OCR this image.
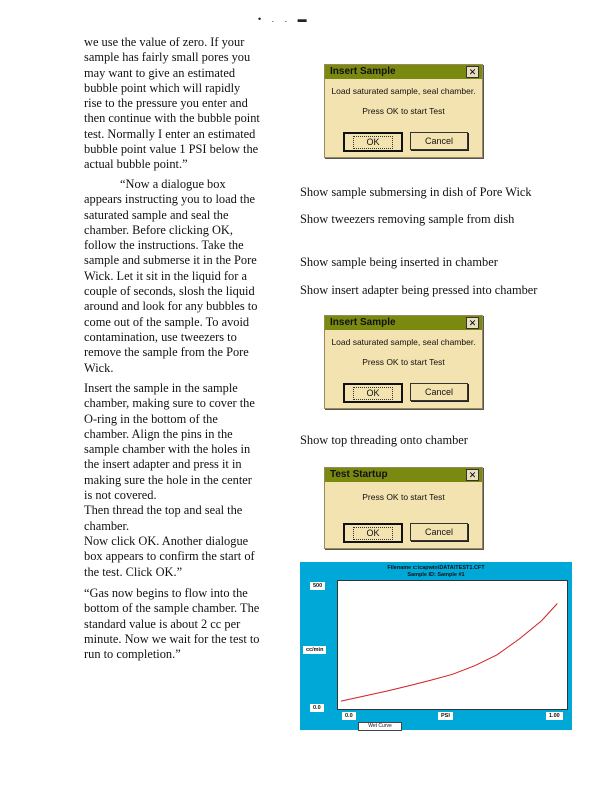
• . . ▬

we use the value of zero. If your sample has fairly small pores you may want to give an estimated bubble point which will rapidly rise to the pressure you enter and then continue with the bubble point test. Normally I enter an estimated bubble point value 1 PSI below the actual bubble point.”

“Now a dialogue box appears instructing you to load the saturated sample and seal the chamber. Before clicking OK, follow the instructions. Take the sample and submerse it in the Pore Wick. Let it sit in the liquid for a couple of seconds, slosh the liquid around and look for any bubbles to come out of the sample. To avoid contamination, use tweezers to remove the sample from the Pore Wick.

Insert the sample in the sample chamber, making sure to cover the O-ring in the bottom of the chamber. Align the pins in the sample chamber with the holes in the insert adapter and press it in making sure the hole in the center is not covered.

Then thread the top and seal the chamber.

Now click OK. Another dialogue box appears to confirm the start of the test. Click OK.”

“Gas now begins to flow into the bottom of the sample chamber. The standard value is about 2 cc per minute. Now we wait for the test to run to completion.”

Show sample submersing in dish of Pore Wick
Show tweezers removing sample from dish
Show sample being inserted in chamber
Show insert adapter being pressed into chamber
Show top threading onto chamber
Insert Sample	✕
Load saturated sample, seal chamber.
Press OK to start Test
OK	Cancel
Insert Sample	✕
Load saturated sample, seal chamber.
Press OK to start Test
OK	Cancel
Test Startup	✕
Press OK to start Test
OK	Cancel
Filename c:\capwin\DATA\TEST1.CFT
Sample ID: Sample #1
500
cc/min
0.0
0.0	PSI	1.00
Wet Curve
